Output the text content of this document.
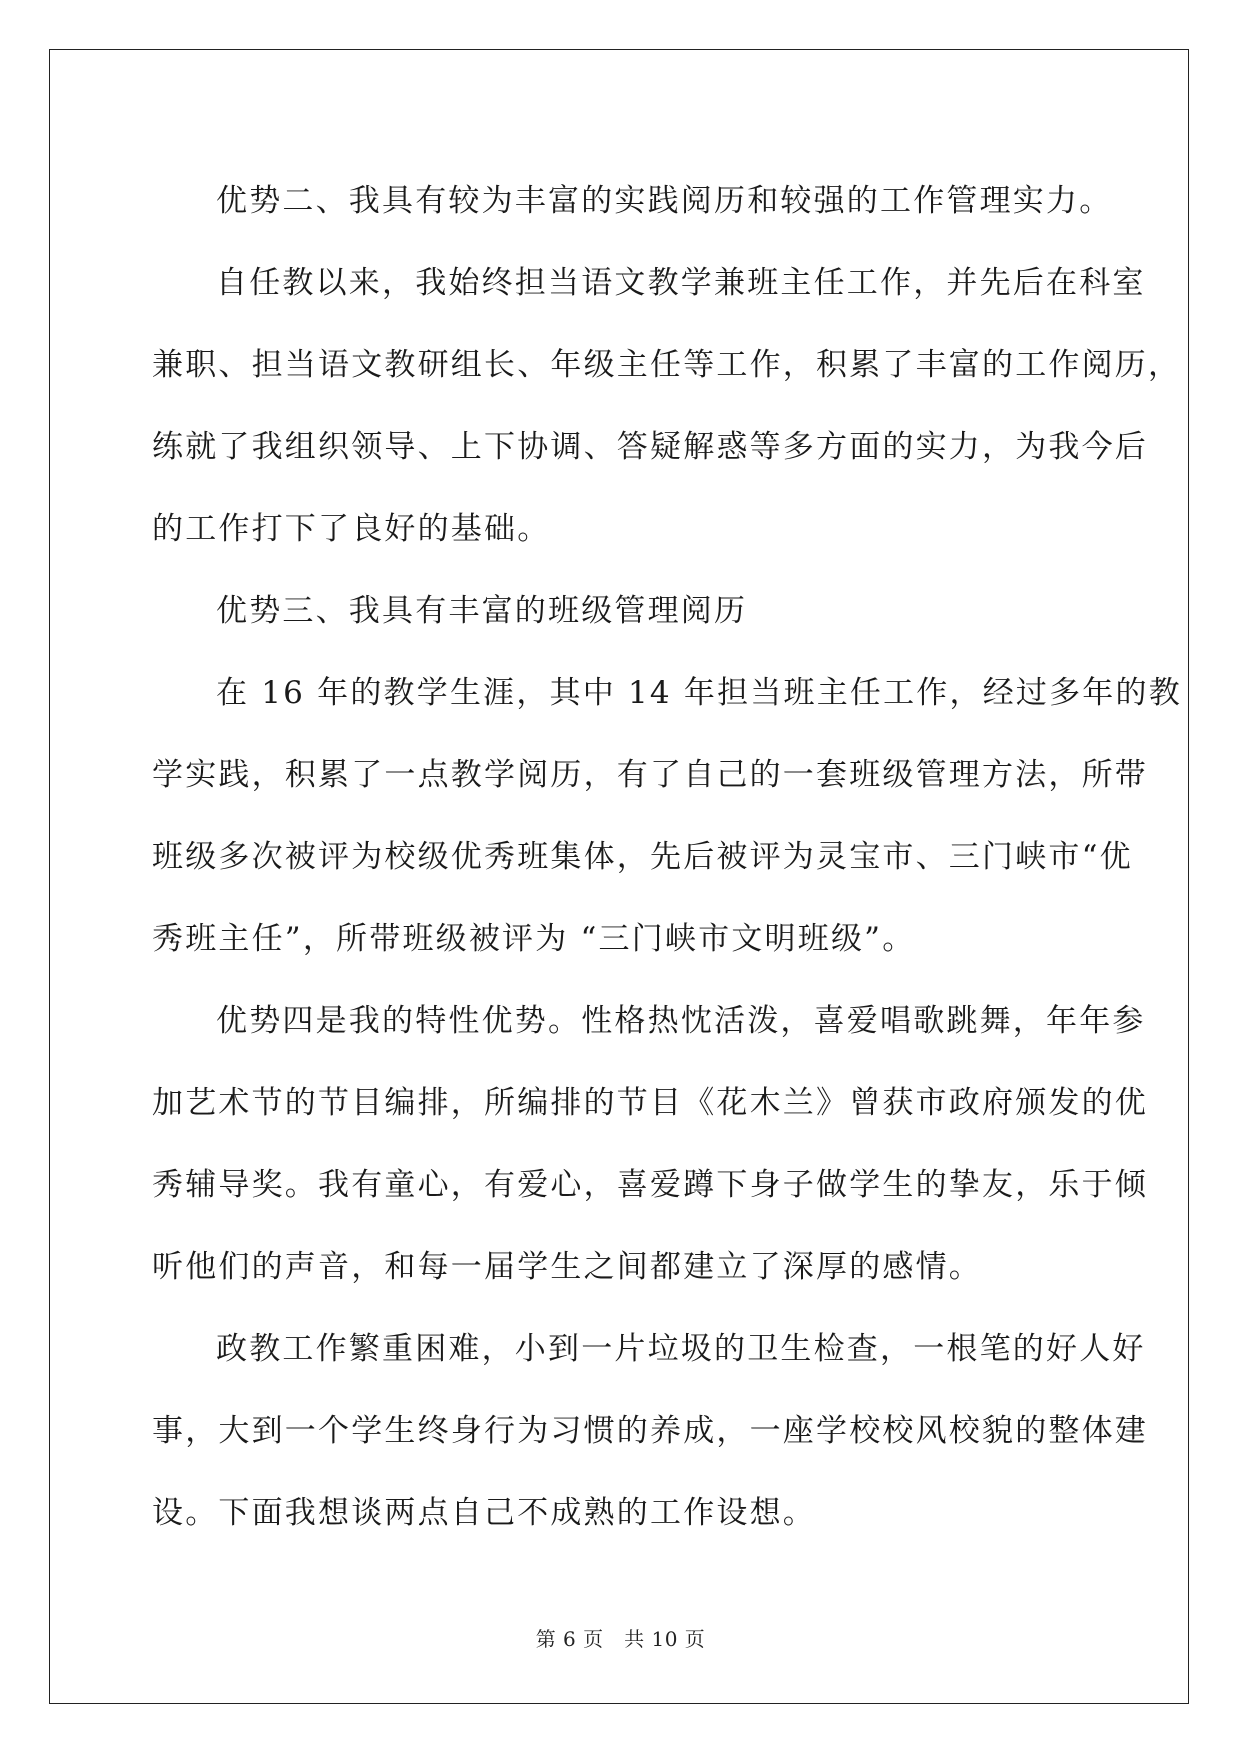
优势二、我具有较为丰富的实践阅历和较强的工作管理实力。

自任教以来，我始终担当语文教学兼班主任工作，并先后在科室
兼职、担当语文教研组长、年级主任等工作，积累了丰富的工作阅历，
练就了我组织领导、上下协调、答疑解惑等多方面的实力，为我今后
的工作打下了良好的基础。

优势三、我具有丰富的班级管理阅历

在 16 年的教学生涯，其中 14 年担当班主任工作，经过多年的教
学实践，积累了一点教学阅历，有了自己的一套班级管理方法，所带
班级多次被评为校级优秀班集体，先后被评为灵宝市、三门峡市“优
秀班主任”，所带班级被评为 “三门峡市文明班级”。

优势四是我的特性优势。性格热忱活泼，喜爱唱歌跳舞，年年参
加艺术节的节目编排，所编排的节目《花木兰》曾获市政府颁发的优
秀辅导奖。我有童心，有爱心，喜爱蹲下身子做学生的挚友，乐于倾
听他们的声音，和每一届学生之间都建立了深厚的感情。

政教工作繁重困难，小到一片垃圾的卫生检查，一根笔的好人好
事，大到一个学生终身行为习惯的养成，一座学校校风校貌的整体建
设。下面我想谈两点自己不成熟的工作设想。

第 6 页　共 10 页
